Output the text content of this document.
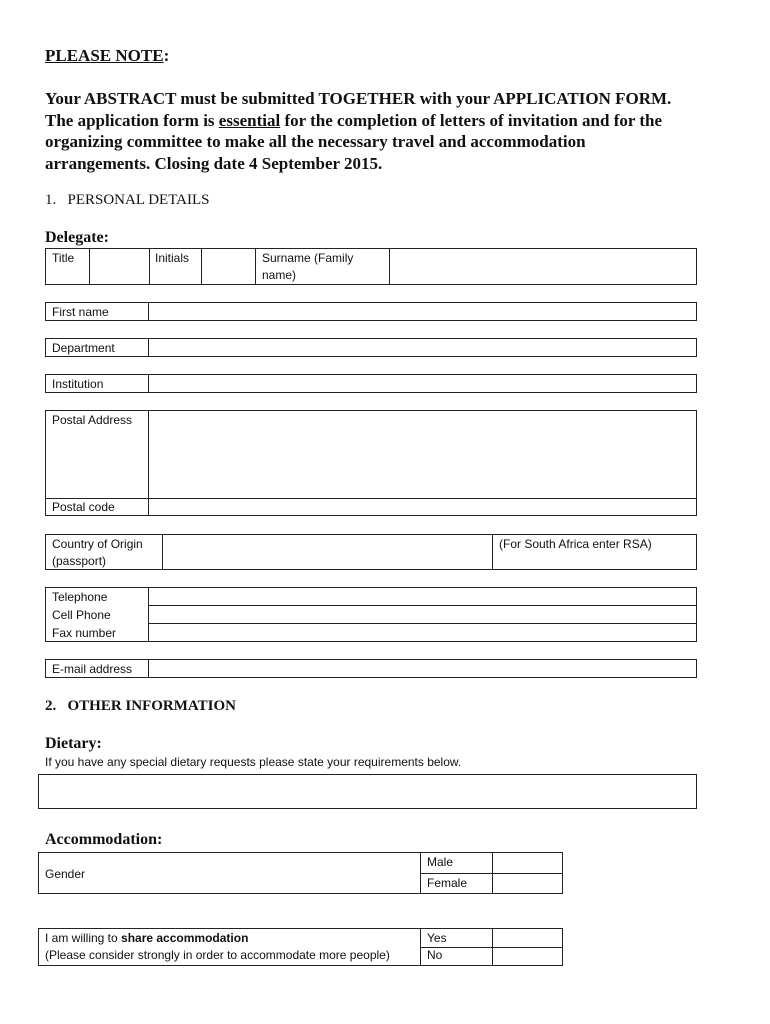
PLEASE NOTE:
Your ABSTRACT must be submitted TOGETHER with your APPLICATION FORM.
The application form is essential for the completion of letters of invitation and for the
organizing committee to make all the necessary travel and accommodation
arrangements. Closing date 4 September 2015.
1.   PERSONAL DETAILS
Delegate:
Title	Initials	Surname (Family
name)
First name
Department
Institution
Postal Address
Postal code
Country of Origin
(passport)
(For South Africa enter RSA)
Telephone
Cell Phone
Fax number
E-mail address
2.   OTHER INFORMATION
Dietary:
If you have any special dietary requests please state your requirements below.
Accommodation:
Gender
Male
Female
I am willing to share accommodation
(Please consider strongly in order to accommodate more people)
Yes
No
